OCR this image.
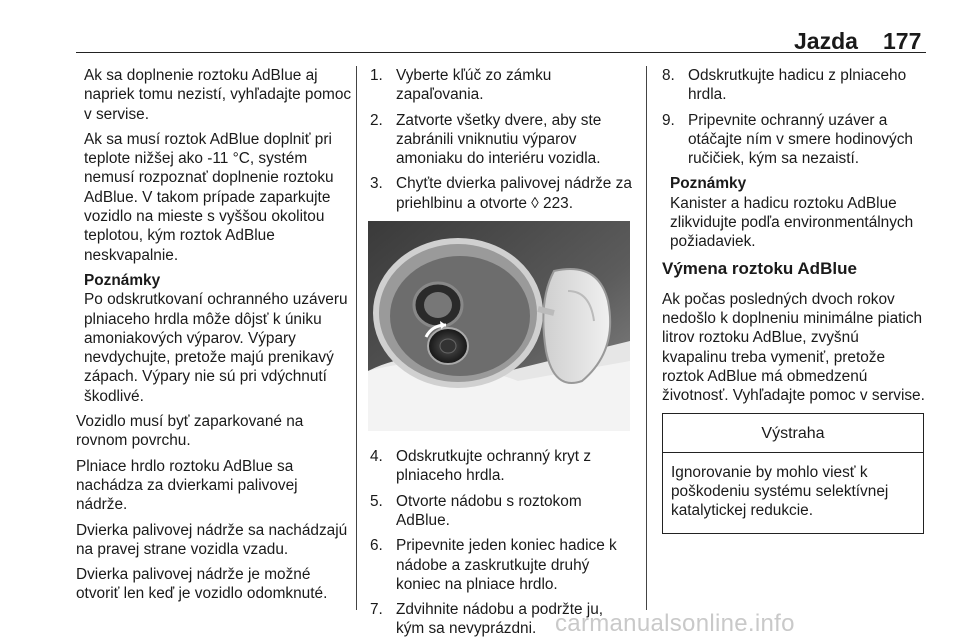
Jazda 177

Ak sa doplnenie roztoku AdBlue aj napriek tomu nezistí, vyhľadajte pomoc v servise.

Ak sa musí roztok AdBlue doplniť pri teplote nižšej ako -11 °C, systém nemusí rozpoznať doplnenie roztoku AdBlue. V takom prípade zaparkujte vozidlo na mieste s vyššou okolitou teplotou, kým roztok AdBlue neskvapalnie.

Poznámky

Po odskrutkovaní ochranného uzáveru plniaceho hrdla môže dôjsť k úniku amoniakových výparov. Výpary nevdychujte, pretože majú prenikavý zápach. Výpary nie sú pri vdýchnutí škodlivé.

Vozidlo musí byť zaparkované na rovnom povrchu.

Plniace hrdlo roztoku AdBlue sa nachádza za dvierkami palivovej nádrže.

Dvierka palivovej nádrže sa nachádzajú na pravej strane vozidla vzadu.

Dvierka palivovej nádrže je možné otvoriť len keď je vozidlo odomknuté.

1. Vyberte kľúč zo zámku zapaľovania.
2. Zatvorte všetky dvere, aby ste zabránili vniknutiu výparov amoniaku do interiéru vozidla.
3. Chyťte dvierka palivovej nádrže za priehlbinu a otvorte ◊ 223.
4. Odskrutkujte ochranný kryt z plniaceho hrdla.
5. Otvorte nádobu s roztokom AdBlue.
6. Pripevnite jeden koniec hadice k nádobe a zaskrutkujte druhý koniec na plniace hrdlo.
7. Zdvihnite nádobu a podržte ju, kým sa nevyprázdni.
8. Odskrutkujte hadicu z plniaceho hrdla.
9. Pripevnite ochranný uzáver a otáčajte ním v smere hodinových ručičiek, kým sa nezaistí.
Poznámky

Kanister a hadicu roztoku AdBlue zlikvidujte podľa environmentálnych požiadaviek.

Výmena roztoku AdBlue

Ak počas posledných dvoch rokov nedošlo k doplneniu minimálne piatich litrov roztoku AdBlue, zvyšnú kvapalinu treba vymeniť, pretože roztok AdBlue má obmedzenú životnosť. Vyhľadajte pomoc v servise.

Výstraha
Ignorovanie by mohlo viesť k poškodeniu systému selektívnej katalytickej redukcie.
carmanualsonline.info
